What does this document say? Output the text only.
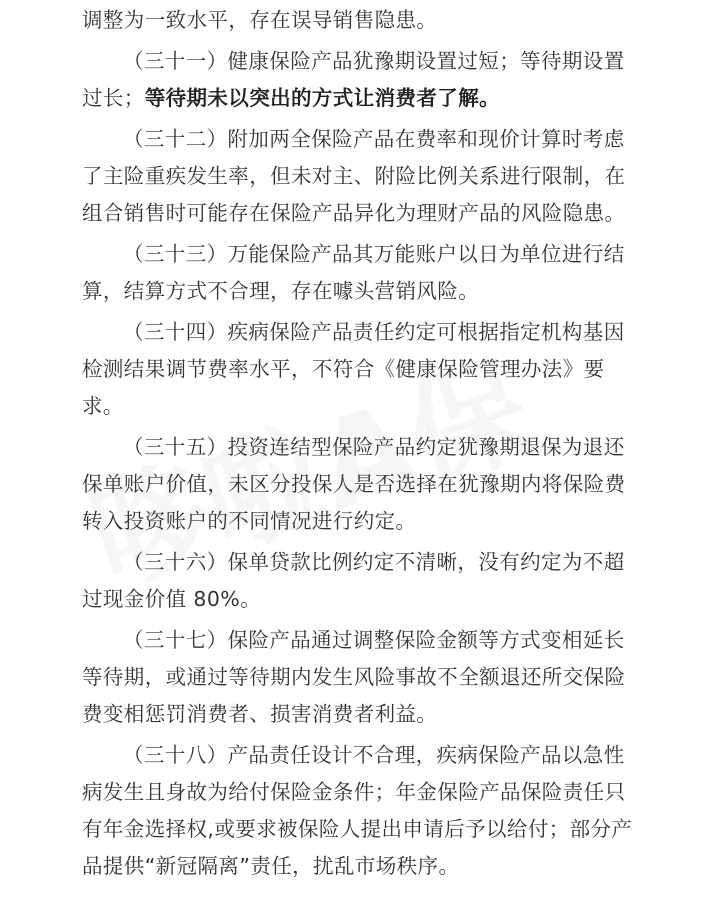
调整为一致水平，存在误导销售隐患。

（三十一）健康保险产品犹豫期设置过短；等待期设置过长；等待期未以突出的方式让消费者了解。

（三十二）附加两全保险产品在费率和现价计算时考虑了主险重疾发生率，但未对主、附险比例关系进行限制，在组合销售时可能存在保险产品异化为理财产品的风险隐患。

（三十三）万能保险产品其万能账户以日为单位进行结算，结算方式不合理，存在噱头营销风险。

（三十四）疾病保险产品责任约定可根据指定机构基因检测结果调节费率水平，不符合《健康保险管理办法》要求。

（三十五）投资连结型保险产品约定犹豫期退保为退还保单账户价值，未区分投保人是否选择在犹豫期内将保险费转入投资账户的不同情况进行约定。

（三十六）保单贷款比例约定不清晰，没有约定为不超过现金价值 80%。

（三十七）保险产品通过调整保险金额等方式变相延长等待期，或通过等待期内发生风险事故不全额退还所交保险费变相惩罚消费者、损害消费者利益。

（三十八）产品责任设计不合理，疾病保险产品以急性病发生且身故为给付保险金条件；年金保险产品保险责任只有年金选择权,或要求被保险人提出申请后予以给付；部分产品提供“新冠隔离”责任，扰乱市场秩序。
